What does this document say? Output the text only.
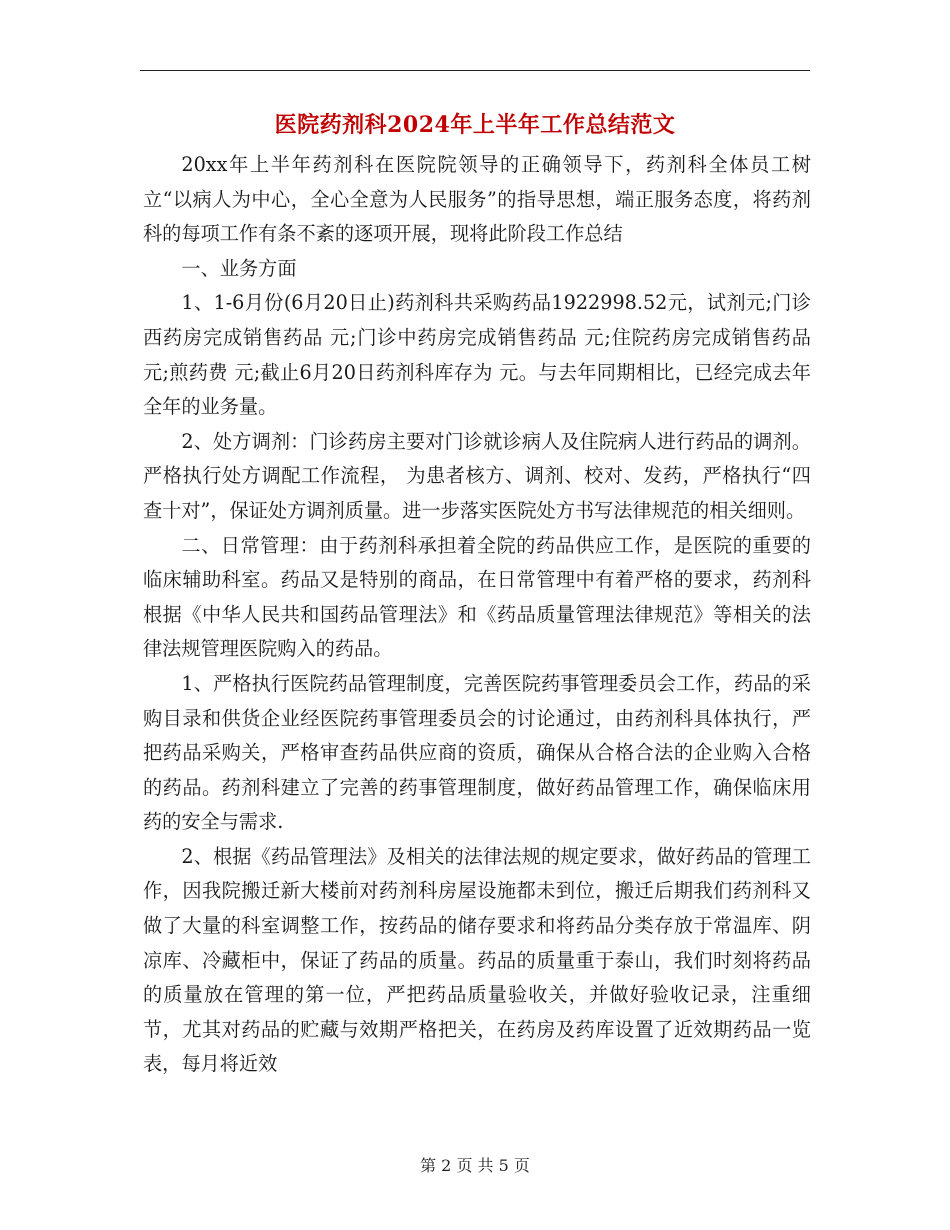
医院药剂科2024年上半年工作总结范文

20xx年上半年药剂科在医院院领导的正确领导下，药剂科全体员工树立“以病人为中心，全心全意为人民服务”的指导思想，端正服务态度，将药剂科的每项工作有条不紊的逐项开展，现将此阶段工作总结

一、业务方面

1、1-6月份(6月20日止)药剂科共采购药品1922998.52元，试剂元;门诊西药房完成销售药品 元;门诊中药房完成销售药品 元;住院药房完成销售药品 元;煎药费 元;截止6月20日药剂科库存为 元。与去年同期相比，已经完成去年全年的业务量。

2、处方调剂：门诊药房主要对门诊就诊病人及住院病人进行药品的调剂。严格执行处方调配工作流程， 为患者核方、调剂、校对、发药，严格执行“四查十对”，保证处方调剂质量。进一步落实医院处方书写法律规范的相关细则。

二、日常管理：由于药剂科承担着全院的药品供应工作，是医院的重要的临床辅助科室。药品又是特别的商品，在日常管理中有着严格的要求，药剂科根据《中华人民共和国药品管理法》和《药品质量管理法律规范》等相关的法律法规管理医院购入的药品。

1、严格执行医院药品管理制度，完善医院药事管理委员会工作，药品的采购目录和供货企业经医院药事管理委员会的讨论通过，由药剂科具体执行，严把药品采购关，严格审查药品供应商的资质，确保从合格合法的企业购入合格的药品。药剂科建立了完善的药事管理制度，做好药品管理工作，确保临床用药的安全与需求.

2、根据《药品管理法》及相关的法律法规的规定要求，做好药品的管理工作，因我院搬迁新大楼前对药剂科房屋设施都未到位，搬迁后期我们药剂科又做了大量的科室调整工作，按药品的储存要求和将药品分类存放于常温库、阴凉库、冷藏柜中，保证了药品的质量。药品的质量重于泰山，我们时刻将药品的质量放在管理的第一位，严把药品质量验收关，并做好验收记录，注重细节，尤其对药品的贮藏与效期严格把关，在药房及药库设置了近效期药品一览表，每月将近效

第 2 页 共 5 页
